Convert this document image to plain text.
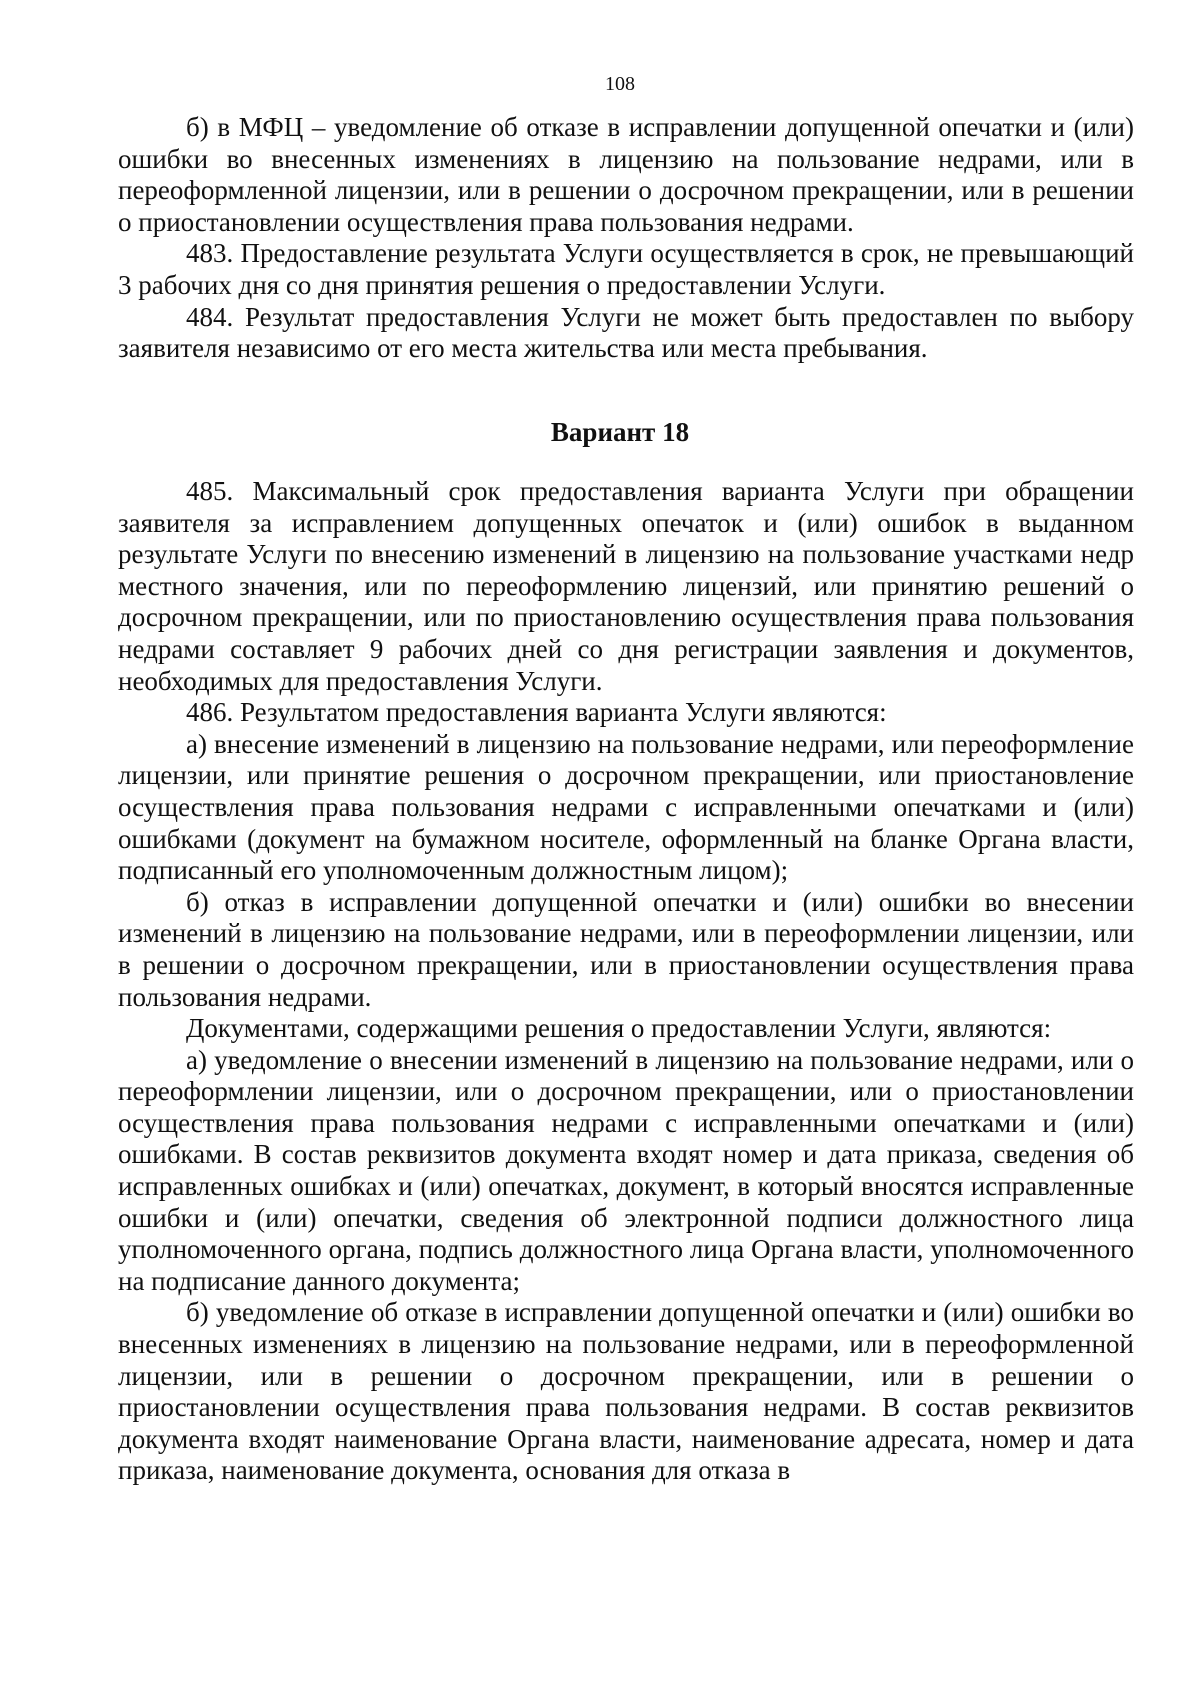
108

б) в МФЦ – уведомление об отказе в исправлении допущенной опечатки и (или) ошибки во внесенных изменениях в лицензию на пользование недрами, или в переоформленной лицензии, или в решении о досрочном прекращении, или в решении о приостановлении осуществления права пользования недрами.

483. Предоставление результата Услуги осуществляется в срок, не превышающий 3 рабочих дня со дня принятия решения о предоставлении Услуги.

484. Результат предоставления Услуги не может быть предоставлен по выбору заявителя независимо от его места жительства или места пребывания.

Вариант 18

485. Максимальный срок предоставления варианта Услуги при обращении заявителя за исправлением допущенных опечаток и (или) ошибок в выданном результате Услуги по внесению изменений в лицензию на пользование участками недр местного значения, или по переоформлению лицензий, или принятию решений о досрочном прекращении, или по приостановлению осуществления права пользования недрами составляет 9 рабочих дней со дня регистрации заявления и документов, необходимых для предоставления Услуги.

486. Результатом предоставления варианта Услуги являются:

а) внесение изменений в лицензию на пользование недрами, или переоформление лицензии, или принятие решения о досрочном прекращении, или приостановление осуществления права пользования недрами с исправленными опечатками и (или) ошибками (документ на бумажном носителе, оформленный на бланке Органа власти, подписанный его уполномоченным должностным лицом);

б) отказ в исправлении допущенной опечатки и (или) ошибки во внесении изменений в лицензию на пользование недрами, или в переоформлении лицензии, или в решении о досрочном прекращении, или в приостановлении осуществления права пользования недрами.

Документами, содержащими решения о предоставлении Услуги, являются:

а) уведомление о внесении изменений в лицензию на пользование недрами, или о переоформлении лицензии, или о досрочном прекращении, или о приостановлении осуществления права пользования недрами с исправленными опечатками и (или) ошибками. В состав реквизитов документа входят номер и дата приказа, сведения об исправленных ошибках и (или) опечатках, документ, в который вносятся исправленные ошибки и (или) опечатки, сведения об электронной подписи должностного лица уполномоченного органа, подпись должностного лица Органа власти, уполномоченного на подписание данного документа;

б) уведомление об отказе в исправлении допущенной опечатки и (или) ошибки во внесенных изменениях в лицензию на пользование недрами, или в переоформленной лицензии, или в решении о досрочном прекращении, или в решении о приостановлении осуществления права пользования недрами. В состав реквизитов документа входят наименование Органа власти, наименование адресата, номер и дата приказа, наименование документа, основания для отказа в
